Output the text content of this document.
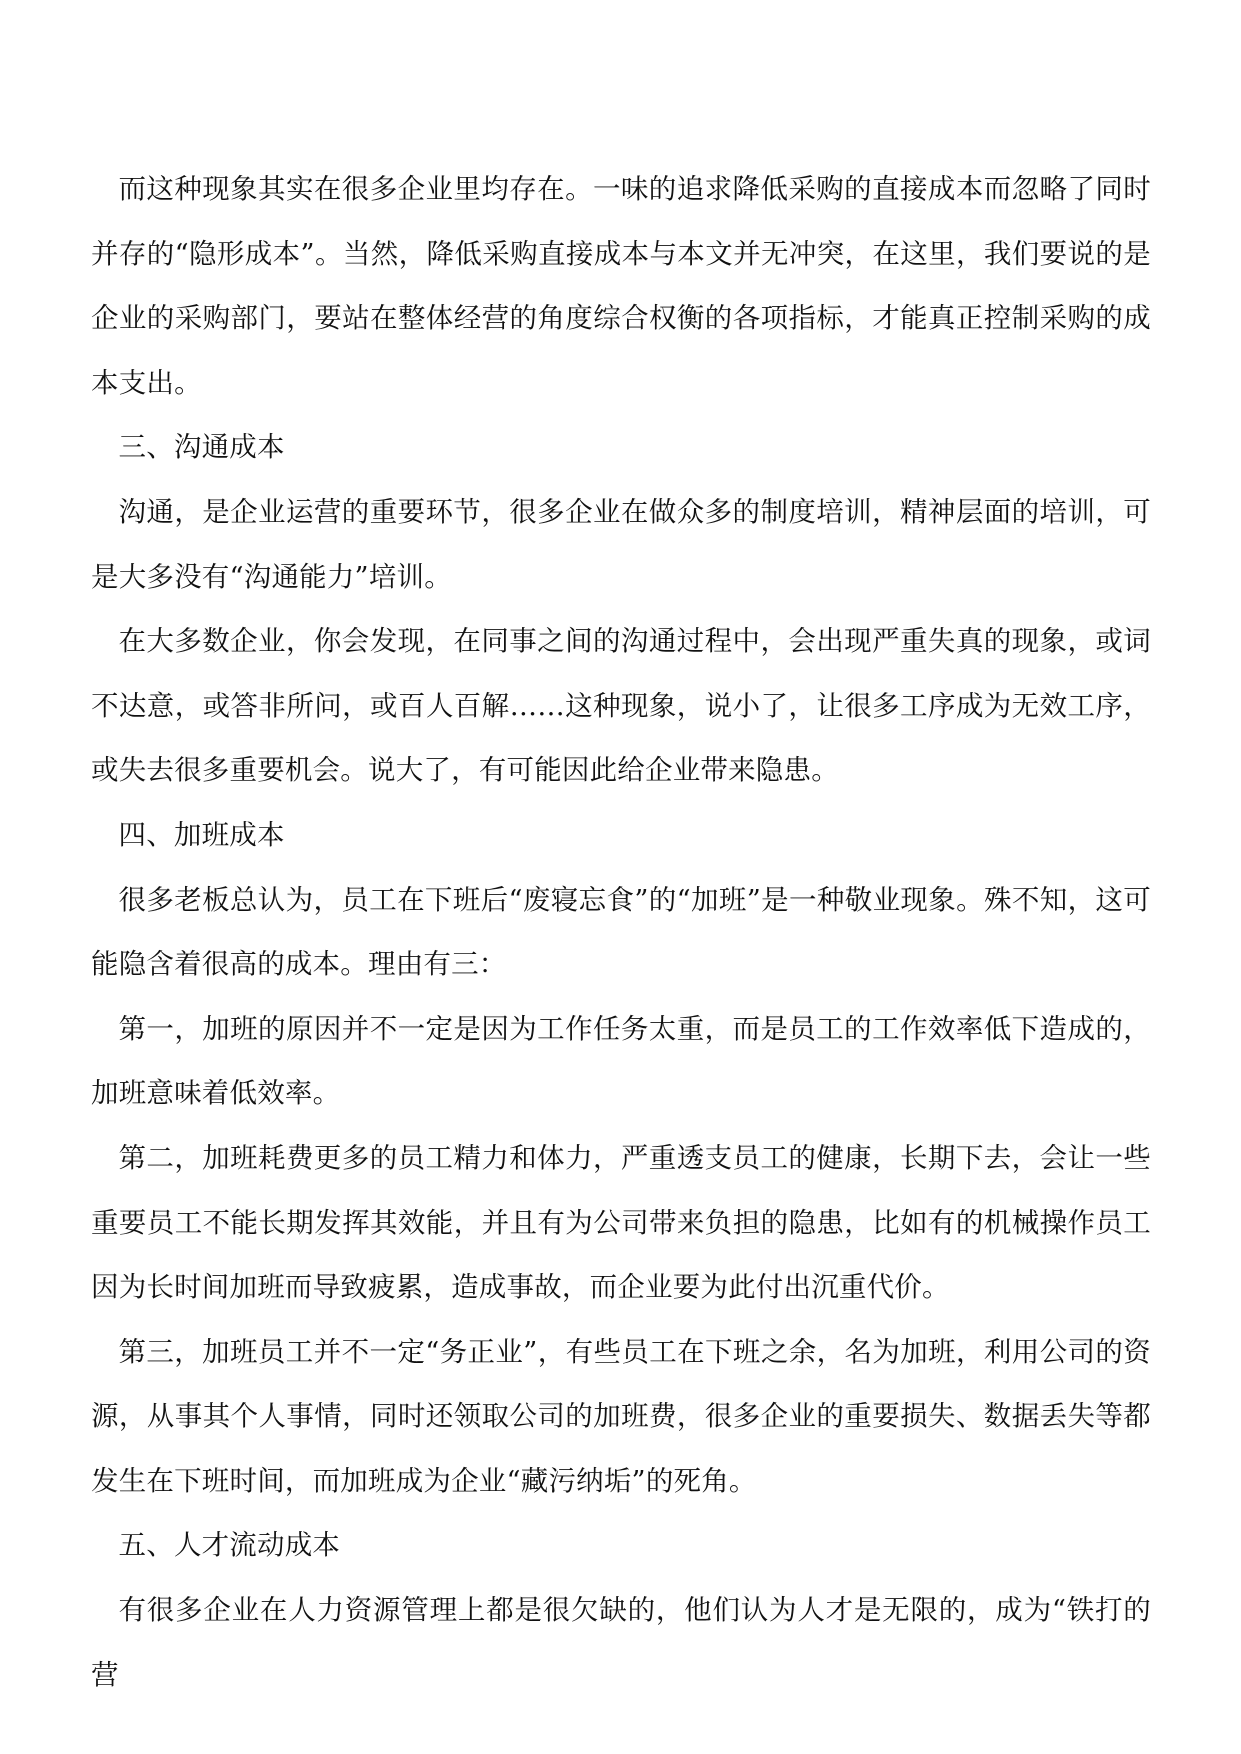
而这种现象其实在很多企业里均存在。一味的追求降低采购的直接成本而忽略了同时并存的“隐形成本”。当然，降低采购直接成本与本文并无冲突，在这里，我们要说的是企业的采购部门，要站在整体经营的角度综合权衡的各项指标，才能真正控制采购的成本支出。

三、沟通成本

沟通，是企业运营的重要环节，很多企业在做众多的制度培训，精神层面的培训，可是大多没有“沟通能力”培训。

在大多数企业，你会发现，在同事之间的沟通过程中，会出现严重失真的现象，或词不达意，或答非所问，或百人百解……这种现象，说小了，让很多工序成为无效工序，或失去很多重要机会。说大了，有可能因此给企业带来隐患。

四、加班成本

很多老板总认为，员工在下班后“废寝忘食”的“加班”是一种敬业现象。殊不知，这可能隐含着很高的成本。理由有三：

第一，加班的原因并不一定是因为工作任务太重，而是员工的工作效率低下造成的，加班意味着低效率。

第二，加班耗费更多的员工精力和体力，严重透支员工的健康，长期下去，会让一些重要员工不能长期发挥其效能，并且有为公司带来负担的隐患，比如有的机械操作员工因为长时间加班而导致疲累，造成事故，而企业要为此付出沉重代价。

第三，加班员工并不一定“务正业”，有些员工在下班之余，名为加班，利用公司的资源，从事其个人事情，同时还领取公司的加班费，很多企业的重要损失、数据丢失等都发生在下班时间，而加班成为企业“藏污纳垢”的死角。

五、人才流动成本

有很多企业在人力资源管理上都是很欠缺的，他们认为人才是无限的，成为“铁打的营
